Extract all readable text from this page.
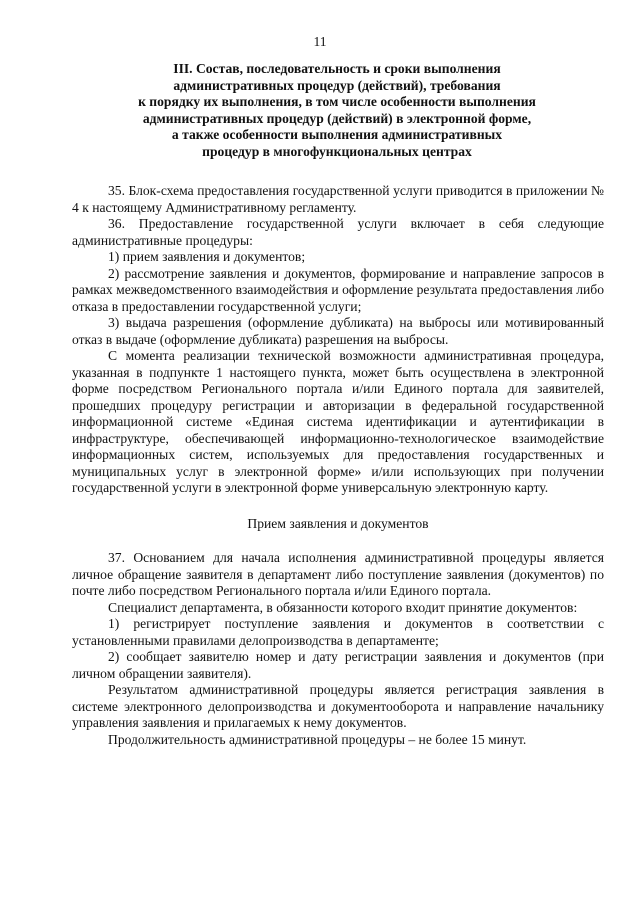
11
III. Состав, последовательность и сроки выполнения
административных процедур (действий), требования
к порядку их выполнения, в том числе особенности выполнения
административных процедур (действий) в электронной форме,
а также особенности выполнения административных
процедур в многофункциональных центрах

35. Блок-схема предоставления государственной услуги приводится в приложении № 4 к настоящему Административному регламенту.

36. Предоставление государственной услуги включает в себя следующие административные процедуры:

1) прием заявления и документов;

2) рассмотрение заявления и документов, формирование и направление запросов в рамках межведомственного взаимодействия и оформление результата предоставления либо отказа в предоставлении государственной услуги;

3) выдача разрешения (оформление дубликата) на выбросы или мотивированный отказ в выдаче (оформление дубликата) разрешения на выбросы.

С момента реализации технической возможности административная процедура, указанная в подпункте 1 настоящего пункта, может быть осуществлена в электронной форме посредством Регионального портала и/или Единого портала для заявителей, прошедших процедуру регистрации и авторизации в федеральной государственной информационной системе «Единая система идентификации и аутентификации в инфраструктуре, обеспечивающей информационно-технологическое взаимодействие информационных систем, используемых для предоставления государственных и муниципальных услуг в электронной форме» и/или использующих при получении государственной услуги в электронной форме универсальную электронную карту.

Прием заявления и документов

37. Основанием для начала исполнения административной процедуры является личное обращение заявителя в департамент либо поступление заявления (документов) по почте либо посредством Регионального портала и/или Единого портала.

Специалист департамента, в обязанности которого входит принятие документов:

1) регистрирует поступление заявления и документов в соответствии с установленными правилами делопроизводства в департаменте;

2) сообщает заявителю номер и дату регистрации заявления и документов (при личном обращении заявителя).

Результатом административной процедуры является регистрация заявления в системе электронного делопроизводства и документооборота и направление начальнику управления заявления и прилагаемых к нему документов.

Продолжительность административной процедуры – не более 15 минут.
